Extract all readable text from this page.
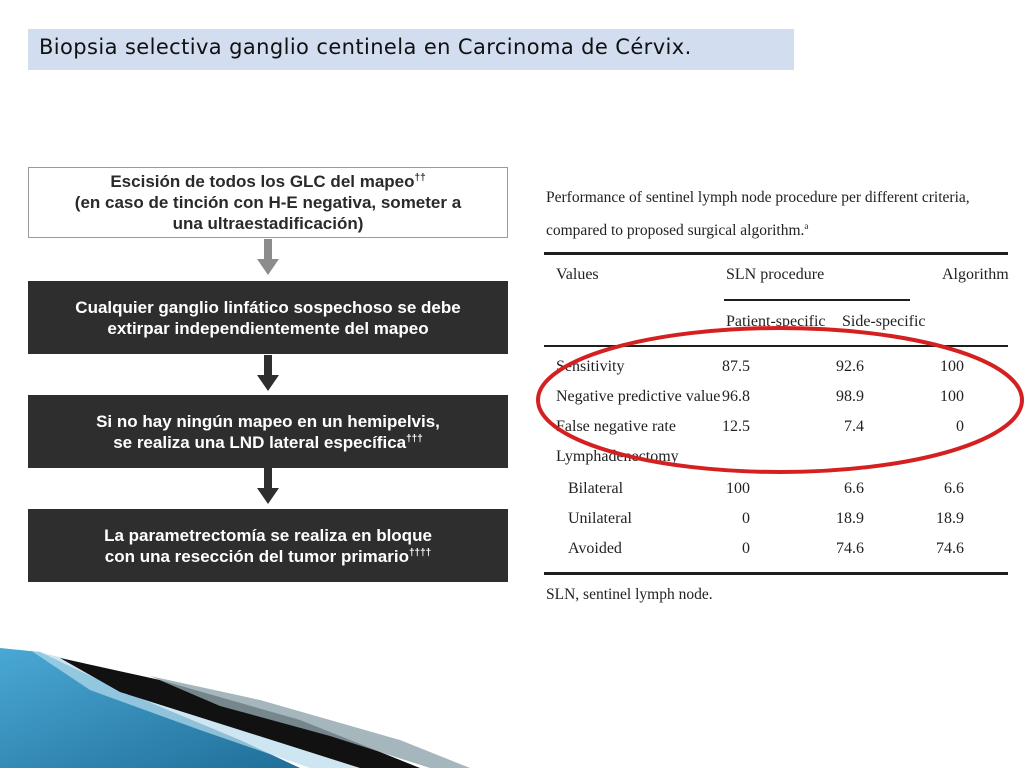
Biopsia selectiva ganglio centinela en Carcinoma de Cérvix.
Escisión de todos los GLC del mapeo††
(en caso de tinción con H-E negativa, someter a
una ultraestadificación)
Cualquier ganglio linfático sospechoso se debe
extirpar independientemente del mapeo
Si no hay ningún mapeo en un hemipelvis,
se realiza una LND lateral específica†††
La parametrectomía se realiza en bloque
con una resección del tumor primario††††
Performance of sentinel lymph node procedure per different criteria, compared to proposed surgical algorithm.$^a$
Values	SLN procedure	Algorithm
Patient-specific Side-specific
Sensitivity	87.5	92.6	100
Negative predictive value 96.8	98.9	100
False negative rate	12.5	7.4	0
Lymphadenectomy
Bilateral	100	6.6	6.6
Unilateral	0	18.9	18.9
Avoided	0	74.6	74.6
SLN, sentinel lymph node.
